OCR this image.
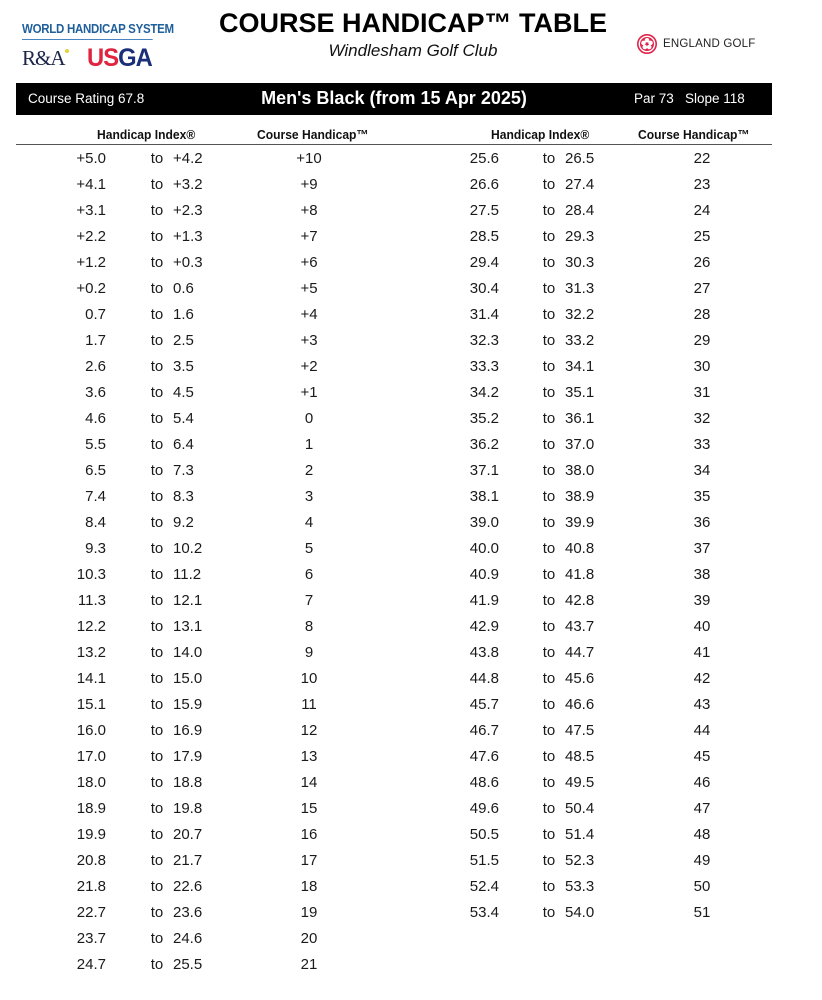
WORLD HANDICAP SYSTEM
R&A USGA	ENGLAND GOLF
COURSE HANDICAP™ TABLE
Windlesham Golf Club
Course Rating 67.8	Men's Black (from 15 Apr 2025)	Par 73 Slope 118
Handicap Index®	Course Handicap™	Handicap Index®	Course Handicap™
+5.0	to +4.2	+10
+4.1	to +3.2	+9
+3.1	to +2.3	+8
+2.2	to +1.3	+7
+1.2	to +0.3	+6
+0.2	to 0.6	+5
0.7	to 1.6	+4
1.7	to 2.5	+3
2.6	to 3.5	+2
3.6	to 4.5	+1
4.6	to 5.4	0
5.5	to 6.4	1
6.5	to 7.3	2
7.4	to 8.3	3
8.4	to 9.2	4
9.3	to 10.2	5
10.3	to 11.2	6
11.3	to 12.1	7
12.2	to 13.1	8
13.2	to 14.0	9
14.1	to 15.0	10
15.1	to 15.9	11
16.0	to 16.9	12
17.0	to 17.9	13
18.0	to 18.8	14
18.9	to 19.8	15
19.9	to 20.7	16
20.8	to 21.7	17
21.8	to 22.6	18
22.7	to 23.6	19
23.7	to 24.6	20
24.7	to 25.5	21
25.6	to 26.5	22
26.6	to 27.4	23
27.5	to 28.4	24
28.5	to 29.3	25
29.4	to 30.3	26
30.4	to 31.3	27
31.4	to 32.2	28
32.3	to 33.2	29
33.3	to 34.1	30
34.2	to 35.1	31
35.2	to 36.1	32
36.2	to 37.0	33
37.1	to 38.0	34
38.1	to 38.9	35
39.0	to 39.9	36
40.0	to 40.8	37
40.9	to 41.8	38
41.9	to 42.8	39
42.9	to 43.7	40
43.8	to 44.7	41
44.8	to 45.6	42
45.7	to 46.6	43
46.7	to 47.5	44
47.6	to 48.5	45
48.6	to 49.5	46
49.6	to 50.4	47
50.5	to 51.4	48
51.5	to 52.3	49
52.4	to 53.3	50
53.4	to 54.0	51
